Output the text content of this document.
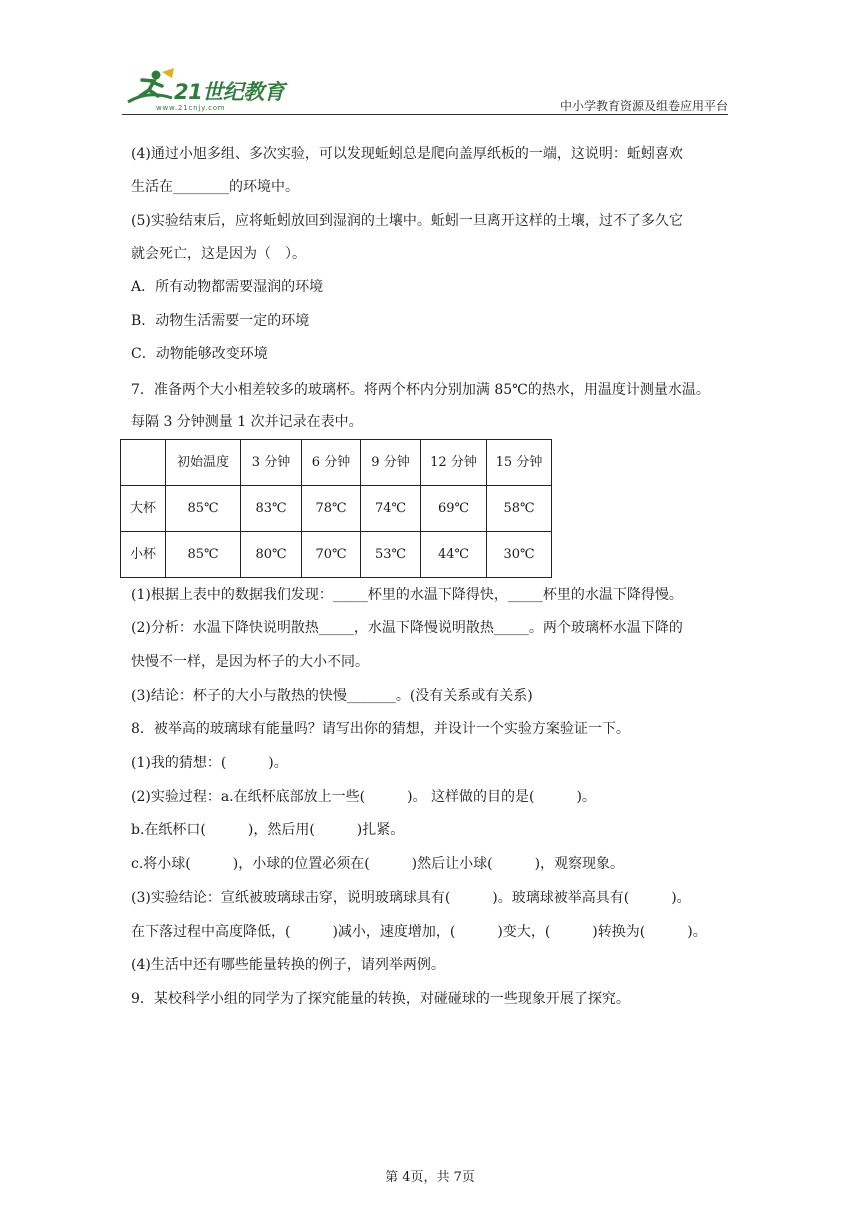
21世纪教育
www.21cnjy.com	中小学教育资源及组卷应用平台
(4)通过小旭多组、多次实验，可以发现蚯蚓总是爬向盖厚纸板的一端，这说明：蚯蚓喜欢
生活在________的环境中。
(5)实验结束后，应将蚯蚓放回到湿润的土壤中。蚯蚓一旦离开这样的土壤，过不了多久它
就会死亡，这是因为（　）。
A．所有动物都需要湿润的环境
B．动物生活需要一定的环境
C．动物能够改变环境
7．准备两个大小相差较多的玻璃杯。将两个杯内分别加满 85℃的热水，用温度计测量水温。
每隔 3 分钟测量 1 次并记录在表中。
	初始温度	3 分钟	6 分钟	9 分钟	12 分钟	15 分钟
大杯	85℃	83℃	78℃	74℃	69℃	58℃
小杯	85℃	80℃	70℃	53℃	44℃	30℃
(1)根据上表中的数据我们发现：_____杯里的水温下降得快，_____杯里的水温下降得慢。
(2)分析：水温下降快说明散热_____，水温下降慢说明散热_____。两个玻璃杯水温下降的
快慢不一样，是因为杯子的大小不同。
(3)结论：杯子的大小与散热的快慢_______。(没有关系或有关系)
8．被举高的玻璃球有能量吗？请写出你的猜想，并设计一个实验方案验证一下。
(1)我的猜想：(　　　)。
(2)实验过程：a.在纸杯底部放上一些(　　　)。 这样做的目的是(　　　)。
b.在纸杯口(　　　)，然后用(　　　)扎紧。
c.将小球(　　　)，小球的位置必须在(　　　)然后让小球(　　　)，观察现象。
(3)实验结论：宣纸被玻璃球击穿，说明玻璃球具有(　　　)。玻璃球被举高具有(　　　)。
在下落过程中高度降低，(　　　)减小，速度增加，(　　　)变大，(　　　)转换为(　　　)。
(4)生活中还有哪些能量转换的例子，请列举两例。
9．某校科学小组的同学为了探究能量的转换，对碰碰球的一些现象开展了探究。
第 4页，共 7页
